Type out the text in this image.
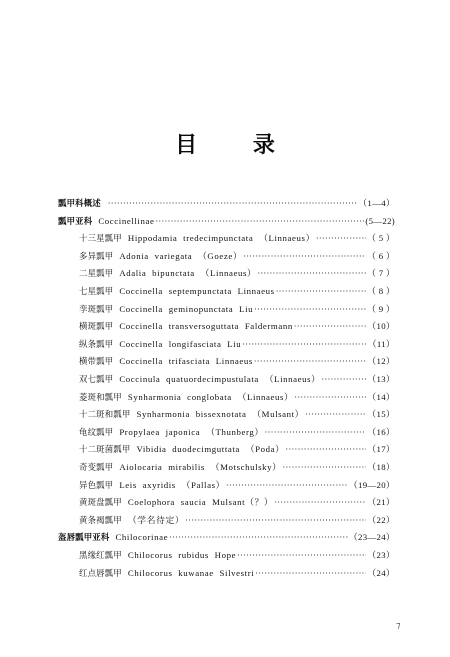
目 录
瓢甲科概述 ·····	（1—4）
瓢甲亚科 Coccinellinae ·····	(5—22)
十三星瓢甲 Hippodamia tredecimpunctata （Linnaeus） ·····	（ 5 ）
多异瓢甲 Adonia variegata （Goeze） ·····	（ 6 ）
二星瓢甲 Adalia bipunctata （Linnaeus） ·····	（ 7 ）
七星瓢甲 Coccinella septempunctata Linnaeus ·····	（ 8 ）
孪斑瓢甲 Coccinella geminopunctata Liu ·····	（ 9 ）
横斑瓢甲 Coccinella transversoguttata Faldermann ·····	（10）
纵条瓢甲 Coccinella longifasciata Liu ·····	（11）
横带瓢甲 Coccinella trifasciata Linnaeus ·····	（12）
双七瓢甲 Coccinula quatuordecimpustulata （Linnaeus） ·····	（13）
菱斑和瓢甲 Synharmonia conglobata （Linnaeus） ·····	（14）
十二斑和瓢甲 Synharmonia bissexnotata （Mulsant） ·····	（15）
龟纹瓢甲 Propylaea japonica （Thunberg） ·····	（16）
十二斑菌瓢甲 Vibidia duodecimguttata （Poda） ·····	（17）
奇变瓢甲 Aiolocaria mirabilis （Motschulsky） ·····	（18）
异色瓢甲 Leis axyridis （Pallas） ·····	（19—20）
黄斑盘瓢甲 Coelophora saucia Mulsant（？） ·····	（21）
黄条褐瓢甲 （学名待定） ·····	（22）
盔唇瓢甲亚科 Chilocorinae ·····	（23—24）
黑缘红瓢甲 Chilocorus rubidus Hope ·····	（23）
红点唇瓢甲 Chilocorus kuwanae Silvestri ·····	（24）
⁊
